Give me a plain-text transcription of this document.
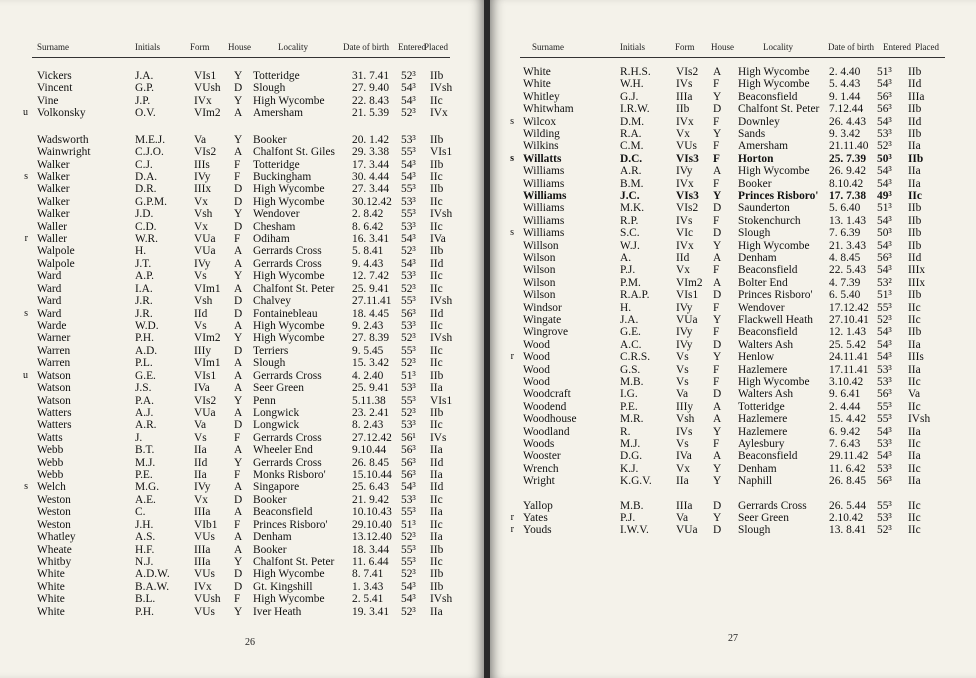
Surname	Initials	Form House	Locality	Date of birth Entered
Placed
Vickers	J.A.	VIs1 Y Totteridge	31. 7.41 52³ IIb
Vincent	G.P.	VUsh D Slough	27. 9.40 54³ IVsh
Vine	J.P.	IVx Y High Wycombe 22. 8.43 54³ IIc
u Volkonsky	O.V.	VIm2 A Amersham	21. 5.39 52³ IVx
Wadsworth	M.E.J.	Va Y Booker	20. 1.42 53³ IIb
Wainwright	C.J.O.	VIs2 A Chalfont St. Giles 29. 3.38 55³ VIs1
Walker	C.J.	IIIs F Totteridge	17. 3.44 54³ IIb
s Walker	D.A.	IVy F Buckingham	30. 4.44 54³ IIc
Walker	D.R.	IIIx D High Wycombe 27. 3.44 55³ IIb
Walker	G.P.M. Vx D High Wycombe 30.12.42 53³ IIc
Walker	J.D.	Vsh Y Wendover	2. 8.42 55³ IVsh
Waller	C.D.	Vx D Chesham	8. 6.42 53³ IIc
r Waller	W.R.	VUa F Odiham	16. 3.41 54³ IVa
Walpole	H.	VUa A Gerrards Cross	5. 8.41 52³ IIb
Walpole	J.T.	IVy A Gerrards Cross	9. 4.43 54³ IId
Ward	A.P.	Vs Y High Wycombe 12. 7.42 53³ IIc
Ward	I.A.	VIm1 A Chalfont St. Peter 25. 9.41 52³ IIc
Ward	J.R.	Vsh D Chalvey	27.11.41 55³ IVsh
s Ward	J.R.	IId D Fontainebleau	18. 4.45 56³ IId
Warde	W.D.	Vs A High Wycombe 9. 2.43 53³ IIc
Warner	P.H.	VIm2 Y High Wycombe 27. 8.39 52³ IVsh
Warren	A.D.	IIIy D Terriers	9. 5.45 55³ IIc
Warren	P.L.	VIm1 A Slough	15. 3.42 52³ IIc
u Watson	G.E.	VIs1 A Gerrards Cross	4. 2.40 51³ IIb
Watson	J.S.	IVa A Seer Green	25. 9.41 53³ IIa
Watson	P.A.	VIs2 Y Penn	5.11.38 55³ VIs1
Watters	A.J.	VUa A Longwick	23. 2.41 52³ IIb
Watters	A.R.	Va D Longwick	8. 2.43 53³ IIc
Watts	J.	Vs F Gerrards Cross	27.12.42 56¹ IVs
Webb	B.T.	IIa A Wheeler End	9.10.44 56³ IIa
Webb	M.J.	IId Y Gerrards Cross	26. 8.45 56³ IId
Webb	P.E.	IIa F Monks Risboro' 15.10.44 56³ IIa
s Welch	M.G.	IVy A Singapore	25. 6.43 54³ IId
Weston	A.E.	Vx D Booker	21. 9.42 53³ IIc
Weston	C.	IIIa A Beaconsfield	10.10.43 55³ IIa
Weston	J.H.	VIb1 F Princes Risboro' 29.10.40 51³ IIc
Whatley	A.S.	VUs A Denham	13.12.40 52³ IIa
Wheate	H.F.	IIIa A Booker	18. 3.44 55³ IIb
Whitby	N.J.	IIIa Y Chalfont St. Peter 11. 6.44 55³ IIc
White	A.D.W. VUs D High Wycombe 8. 7.41 52³ IIb
White	B.A.W. IVx D Gt. Kingshill	1. 3.43 54³ IIb
White	B.L.	VUsh F High Wycombe 2. 5.41 54³ IVsh
White	P.H.	VUs Y Iver Heath	19. 3.41 52³ IIa
26
Surname	Initials	Form House	Locality	Date of birth Entered Placed
White	R.H.S. VIs2 A High Wycombe 2. 4.40 51³ IIb
White	W.H.	IVs F High Wycombe 5. 4.43 54³ IId
Whitley	G.J.	IIIa Y Beaconsfield	9. 1.44 56³ IIIa
Whitwham	I.R.W. IIb D Chalfont St. Peter 7.12.44 56³ IIb
s Wilcox	D.M.	IVx F Downley	26. 4.43 54³ IId
Wilding	R.A.	Vx Y Sands	9. 3.42 53³ IIb
Wilkins	C.M.	VUs F Amersham	21.11.40 52³ IIa
s Willatts	D.C.	VIs3 F Horton	25. 7.39 50³ IIb
Williams	A.R.	IVy A High Wycombe 26. 9.42 54³ IIa
Williams	B.M.	IVx F Booker	8.10.42 54³ IIa
Williams	J.C.	VIs3 Y Princes Risboro' 17. 7.38 49³ IIc
Williams	M.K.	VIs2 D Saunderton	5. 6.40 51³ IIb
Williams	R.P.	IVs F Stokenchurch 13. 1.43 54³ IIb
s Williams	S.C.	VIc D Slough	7. 6.39 50³ IIb
Willson	W.J.	IVx Y High Wycombe 21. 3.43 54³ IIb
Wilson	A.	IId A Denham	4. 8.45 56³ IId
Wilson	P.J.	Vx F Beaconsfield	22. 5.43 54³ IIIx
Wilson	P.M.	VIm2 A Bolter End	4. 7.39 53² IIIx
Wilson	R.A.P. VIs1 D Princes Risboro' 6. 5.40 51³ IIb
Windsor	H.	IVy F Wendover	17.12.42 55³ IIc
Wingate	J.A.	VUa Y Flackwell Heath 27.10.41 52³ IIc
Wingrove	G.E.	IVy F Beaconsfield	12. 1.43 54³ IIb
Wood	A.C.	IVy D Walters Ash	25. 5.42 54³ IIa
r Wood	C.R.S. Vs Y Henlow	24.11.41 54³ IIIs
Wood	G.S.	Vs F Hazlemere	17.11.41 53³ IIa
Wood	M.B.	Vs F High Wycombe 3.10.42 53³ IIc
Woodcraft	I.G.	Va D Walters Ash	9. 6.41 56³ Va
Woodend	P.E.	IIIy A Totteridge	2. 4.44 55³ IIc
Woodhouse	M.R.	Vsh A Hazlemere	15. 4.42 55³ IVsh
Woodland	R.	IVs Y Hazlemere	6. 9.42 54³ IIa
Woods	M.J.	Vs F Aylesbury	7. 6.43 53³ IIc
Wooster	D.G.	IVa A Beaconsfield	29.11.42 54³ IIa
Wrench	K.J.	Vx Y Denham	11. 6.42 53³ IIc
Wright	K.G.V. IIa Y Naphill	26. 8.45 56³ IIa
Yallop	M.B.	IIIa D Gerrards Cross 26. 5.44 55³ IIc
r Yates	P.J.	Va Y Seer Green	2.10.42 53³ IIc
r Youds	I.W.V. VUa D Slough	13. 8.41 52³ IIc
27
